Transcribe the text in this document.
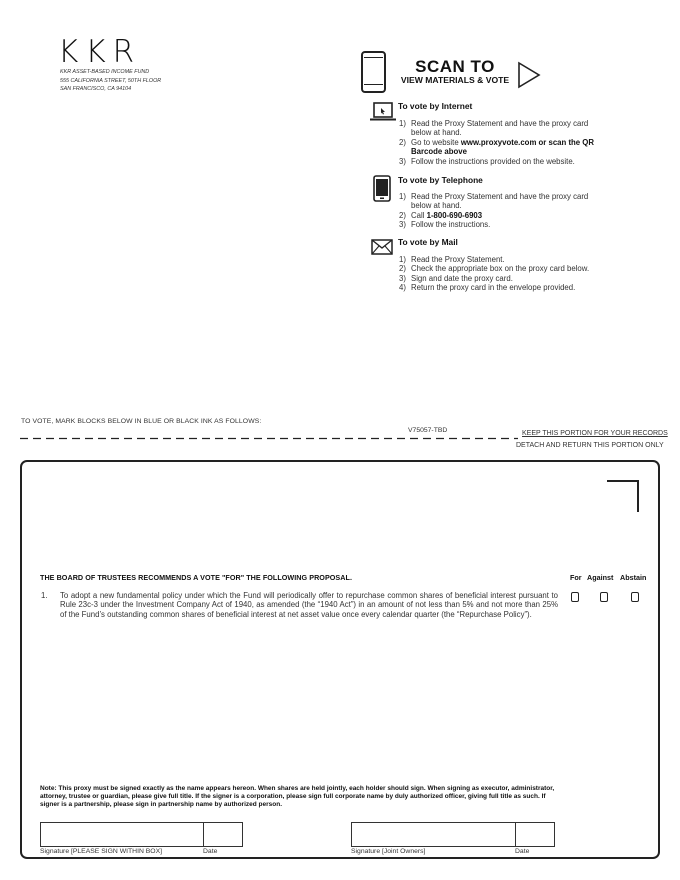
KKR
KKR ASSET-BASED INCOME FUND
555 CALIFORNIA STREET, 50TH FLOOR
SAN FRANCISCO, CA 94104
SCAN TO
VIEW MATERIALS & VOTE
To vote by Internet
1) Read the Proxy Statement and have the proxy card below at hand.
2) Go to website www.proxyvote.com or scan the QR Barcode above
3) Follow the instructions provided on the website.
To vote by Telephone
1) Read the Proxy Statement and have the proxy card below at hand.
2) Call 1-800-690-6903
3) Follow the instructions.
To vote by Mail
1) Read the Proxy Statement.
2) Check the appropriate box on the proxy card below.
3) Sign and date the proxy card.
4) Return the proxy card in the envelope provided.
TO VOTE, MARK BLOCKS BELOW IN BLUE OR BLACK INK AS FOLLOWS:
V75057-TBD	KEEP THIS PORTION FOR YOUR RECORDS
DETACH AND RETURN THIS PORTION ONLY
THE BOARD OF TRUSTEES RECOMMENDS A VOTE "FOR" THE FOLLOWING PROPOSAL.	For Against Abstain
1. To adopt a new fundamental policy under which the Fund will periodically offer to repurchase common shares of beneficial interest pursuant to Rule 23c-3 under the Investment Company Act of 1940, as amended (the “1940 Act”) in an amount of not less than 5% and not more than 25% of the Fund’s outstanding common shares of beneficial interest at net asset value once every calendar quarter (the “Repurchase Policy”).
Note: This proxy must be signed exactly as the name appears hereon. When shares are held jointly, each holder should sign. When signing as executor, administrator, attorney, trustee or guardian, please give full title. If the signer is a corporation, please sign full corporate name by duly authorized officer, giving full title as such. If signer is a partnership, please sign in partnership name by authorized person.
Signature [PLEASE SIGN WITHIN BOX]	Date	Signature [Joint Owners]	Date
